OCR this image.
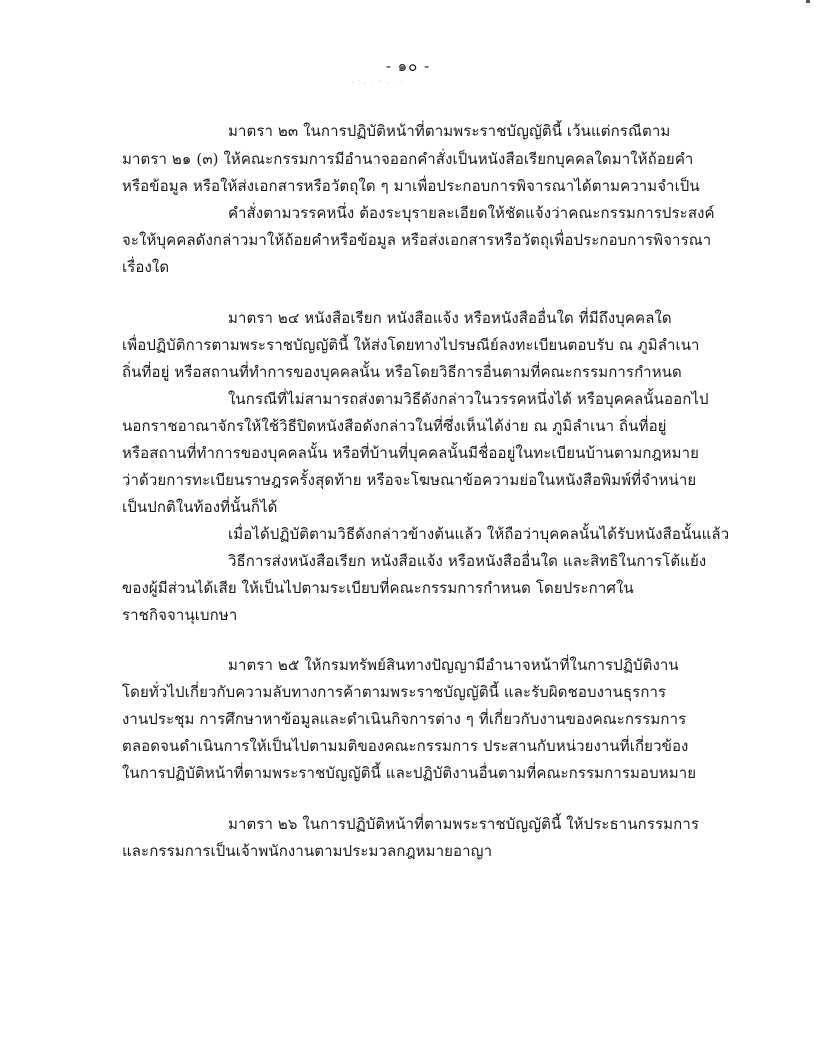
- ๑๐ -
มาตรา ๒๓ ในการปฏิบัติหน้าที่ตามพระราชบัญญัตินี้ เว้นแต่กรณีตาม
มาตรา ๒๑ (๓) ให้คณะกรรมการมีอำนาจออกคำสั่งเป็นหนังสือเรียกบุคคลใดมาให้ถ้อยคำ
หรือข้อมูล หรือให้ส่งเอกสารหรือวัตถุใด ๆ มาเพื่อประกอบการพิจารณาได้ตามความจำเป็น
คำสั่งตามวรรคหนึ่ง ต้องระบุรายละเอียดให้ชัดแจ้งว่าคณะกรรมการประสงค์
จะให้บุคคลดังกล่าวมาให้ถ้อยคำหรือข้อมูล หรือส่งเอกสารหรือวัตถุเพื่อประกอบการพิจารณา
เรื่องใด
มาตรา ๒๔ หนังสือเรียก หนังสือแจ้ง หรือหนังสืออื่นใด ที่มีถึงบุคคลใด
เพื่อปฏิบัติการตามพระราชบัญญัตินี้ ให้ส่งโดยทางไปรษณีย์ลงทะเบียนตอบรับ ณ ภูมิลำเนา
ถิ่นที่อยู่ หรือสถานที่ทำการของบุคคลนั้น หรือโดยวิธีการอื่นตามที่คณะกรรมการกำหนด
ในกรณีที่ไม่สามารถส่งตามวิธีดังกล่าวในวรรคหนึ่งได้ หรือบุคคลนั้นออกไป
นอกราชอาณาจักรให้ใช้วิธีปิดหนังสือดังกล่าวในที่ซึ่งเห็นได้ง่าย ณ ภูมิลำเนา ถิ่นที่อยู่
หรือสถานที่ทำการของบุคคลนั้น หรือที่บ้านที่บุคคลนั้นมีชื่ออยู่ในทะเบียนบ้านตามกฎหมาย
ว่าด้วยการทะเบียนราษฎรครั้งสุดท้าย หรือจะโฆษณาข้อความย่อในหนังสือพิมพ์ที่จำหน่าย
เป็นปกติในท้องที่นั้นก็ได้
เมื่อได้ปฏิบัติตามวิธีดังกล่าวข้างต้นแล้ว ให้ถือว่าบุคคลนั้นได้รับหนังสือนั้นแล้ว
วิธีการส่งหนังสือเรียก หนังสือแจ้ง หรือหนังสืออื่นใด และสิทธิในการโต้แย้ง
ของผู้มีส่วนได้เสีย ให้เป็นไปตามระเบียบที่คณะกรรมการกำหนด โดยประกาศใน
ราชกิจจานุเบกษา
มาตรา ๒๕ ให้กรมทรัพย์สินทางปัญญามีอำนาจหน้าที่ในการปฏิบัติงาน
โดยทั่วไปเกี่ยวกับความลับทางการค้าตามพระราชบัญญัตินี้ และรับผิดชอบงานธุรการ
งานประชุม การศึกษาหาข้อมูลและดำเนินกิจการต่าง ๆ ที่เกี่ยวกับงานของคณะกรรมการ
ตลอดจนดำเนินการให้เป็นไปตามมติของคณะกรรมการ ประสานกับหน่วยงานที่เกี่ยวข้อง
ในการปฏิบัติหน้าที่ตามพระราชบัญญัตินี้ และปฏิบัติงานอื่นตามที่คณะกรรมการมอบหมาย
มาตรา ๒๖ ในการปฏิบัติหน้าที่ตามพระราชบัญญัตินี้ ให้ประธานกรรมการ
และกรรมการเป็นเจ้าพนักงานตามประมวลกฎหมายอาญา
